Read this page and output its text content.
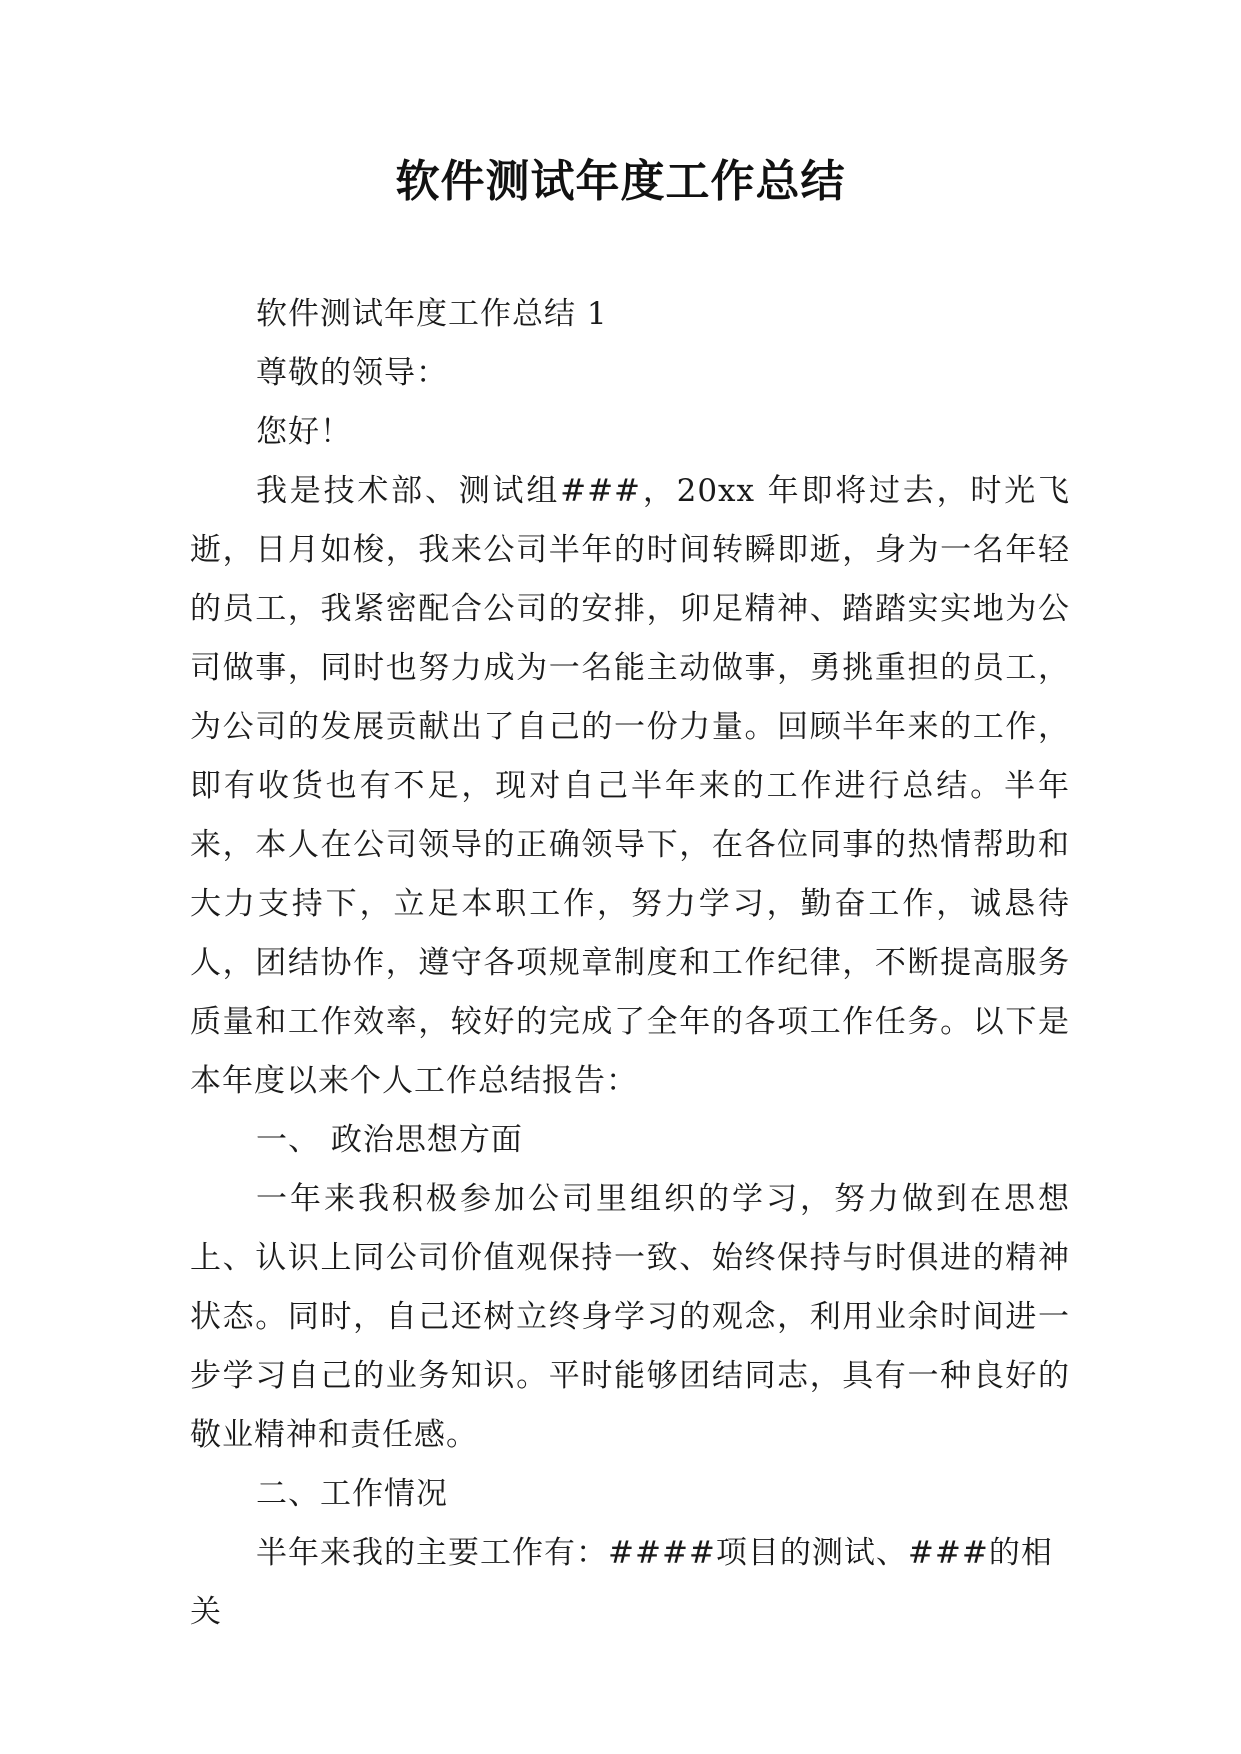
软件测试年度工作总结

软件测试年度工作总结 1

尊敬的领导：

您好！

我是技术部、测试组###，20xx 年即将过去，时光飞逝，日月如梭，我来公司半年的时间转瞬即逝，身为一名年轻的员工，我紧密配合公司的安排，卯足精神、踏踏实实地为公司做事，同时也努力成为一名能主动做事，勇挑重担的员工，为公司的发展贡献出了自己的一份力量。回顾半年来的工作，即有收货也有不足，现对自己半年来的工作进行总结。半年来，本人在公司领导的正确领导下，在各位同事的热情帮助和大力支持下，立足本职工作，努力学习，勤奋工作，诚恳待人，团结协作，遵守各项规章制度和工作纪律，不断提高服务质量和工作效率，较好的完成了全年的各项工作任务。以下是本年度以来个人工作总结报告：

一、 政治思想方面

一年来我积极参加公司里组织的学习，努力做到在思想上、认识上同公司价值观保持一致、始终保持与时俱进的精神状态。同时，自己还树立终身学习的观念，利用业余时间进一步学习自己的业务知识。平时能够团结同志，具有一种良好的敬业精神和责任感。

二、工作情况

半年来我的主要工作有：####项目的测试、###的相关
